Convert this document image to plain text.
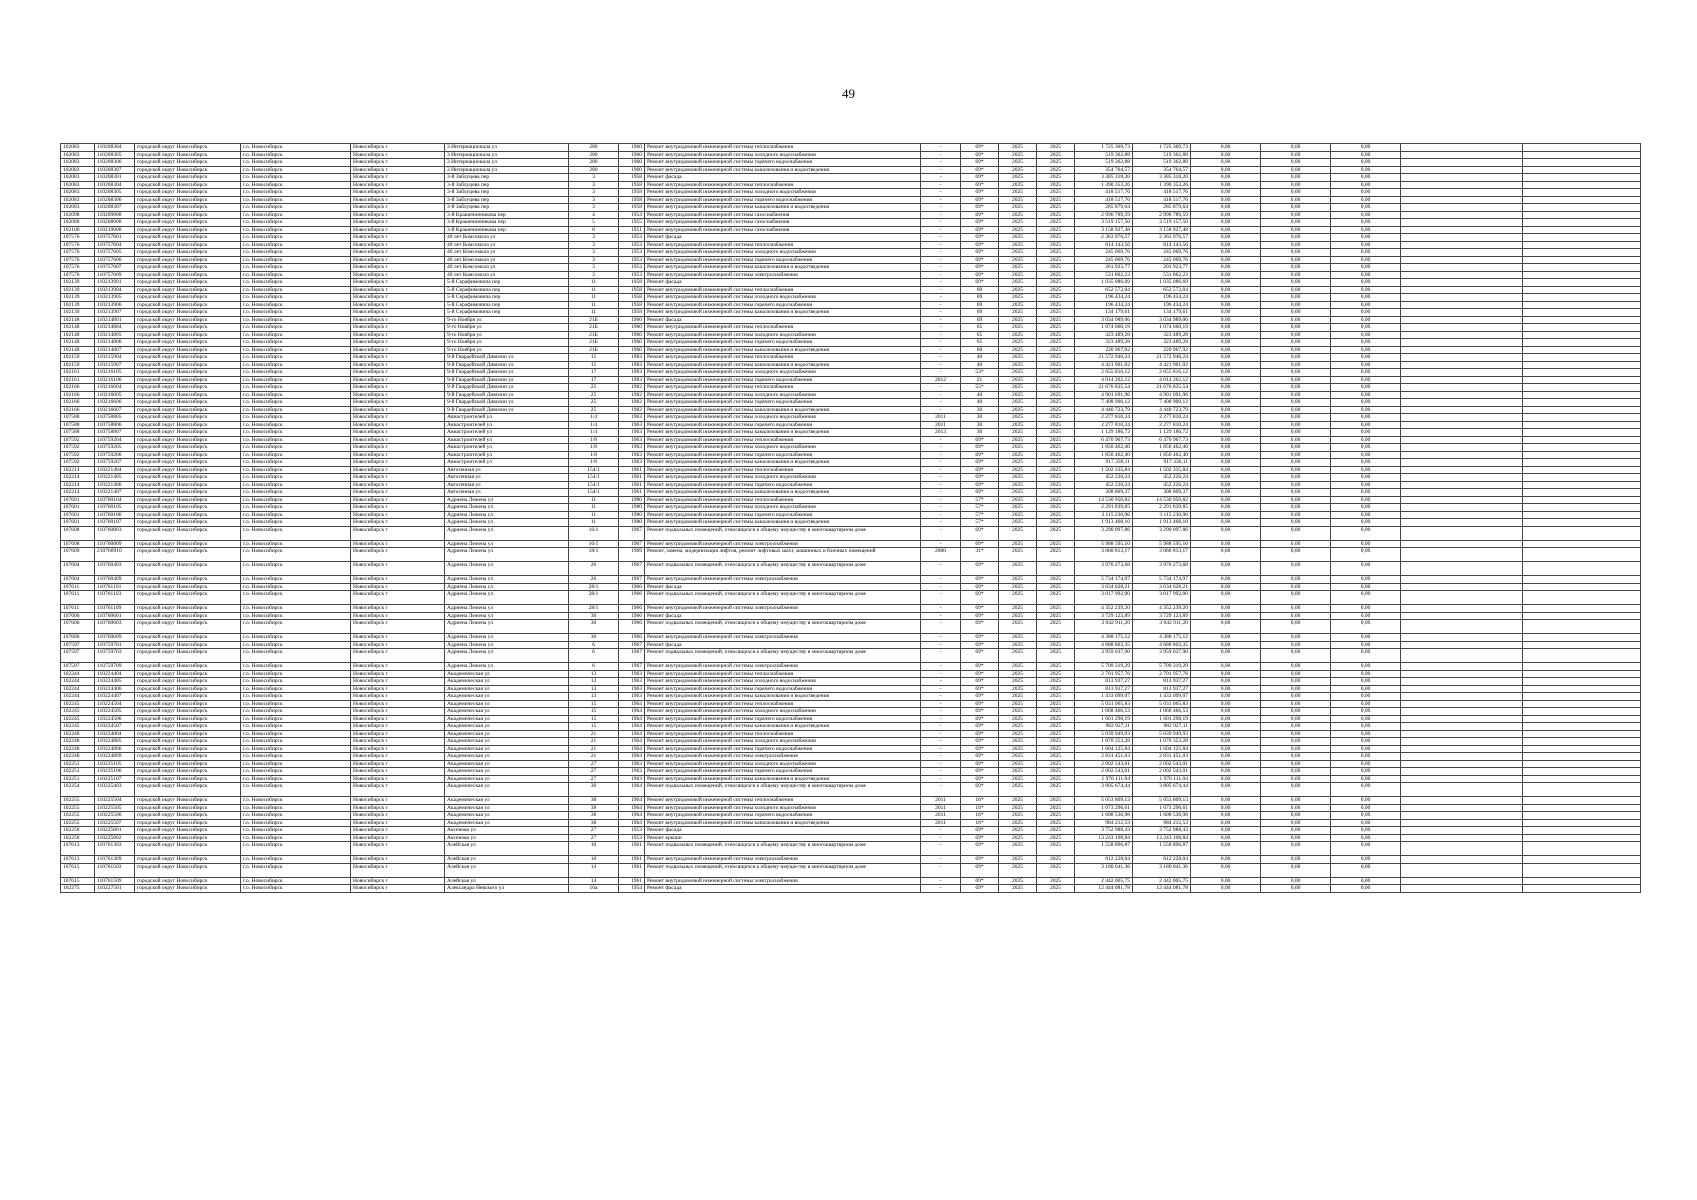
49
102083	110208304	городской округ Новосибирск	г.о. Новосибирск	Новосибирск г	3 Интернационала ул	280	1960	Ремонт внутридомовой инженерной системы теплоснабжения	-	69*	2025	2025	1 725 369,73	1 725 369,73	0,00	0,00	0,00		
102083	110208305	городской округ Новосибирск	г.о. Новосибирск	Новосибирск г	3 Интернационала ул	280	1960	Ремонт внутридомовой инженерной системы холодного водоснабжения	-	69*	2025	2025	519 362,88	519 362,88	0,00	0,00	0,00		
102083	110208306	городской округ Новосибирск	г.о. Новосибирск	Новосибирск г	3 Интернационала ул	280	1960	Ремонт внутридомовой инженерной системы горячего водоснабжения	-	69*	2025	2025	519 362,88	519 362,88	0,00	0,00	0,00		
102083	110208307	городской округ Новосибирск	г.о. Новосибирск	Новосибирск г	3 Интернационала ул	280	1960	Ремонт внутридомовой инженерной системы канализования и водоотведения	-	69*	2025	2025	354 764,57	354 764,57	0,00	0,00	0,00		
102083	110208301	городской округ Новосибирск	г.о. Новосибирск	Новосибирск г	3-й Заблуцева пер	3	1958	Ремонт фасада	-	69*	2025	2025	3 385 318,20	3 385 318,20	0,00	0,00	0,00		
102083	110208304	городской округ Новосибирск	г.о. Новосибирск	Новосибирск г	3-й Заблуцева пер	3	1958	Ремонт внутридомовой инженерной системы теплоснабжения	-	69*	2025	2025	1 390 353,26	1 390 353,26	0,00	0,00	0,00		
102083	110208305	городской округ Новосибирск	г.о. Новосибирск	Новосибирск г	3-й Заблуцева пер	3	1958	Ремонт внутридомовой инженерной системы холодного водоснабжения	-	69*	2025	2025	418 517,76	418 517,76	0,00	0,00	0,00		
102083	110208306	городской округ Новосибирск	г.о. Новосибирск	Новосибирск г	3-й Заблуцева пер	3	1958	Ремонт внутридомовой инженерной системы горячего водоснабжения	-	69*	2025	2025	418 517,76	418 517,76	0,00	0,00	0,00		
102083	110208307	городской округ Новосибирск	г.о. Новосибирск	Новосибирск г	3-й Заблуцева пер	3	1958	Ремонт внутридомовой инженерной системы канализования и водоотведения	-	69*	2025	2025	285 879,64	285 879,64	0,00	0,00	0,00		
102098	110209808	городской округ Новосибирск	г.о. Новосибирск	Новосибирск г	3-й Крашенинникова пер	4	1954	Ремонт внутридомовой инженерной системы газоснабжения	-	69*	2025	2025	2 996 789,59	2 996 789,59	0,00	0,00	0,00		
102080	110208008	городской округ Новосибирск	г.о. Новосибирск	Новосибирск г	3-й Крашенинникова пер	5	1955	Ремонт внутридомовой инженерной системы газоснабжения	-	69*	2025	2025	3 519 157,50	3 519 157,50	0,00	0,00	0,00		
102100	110210008	городской округ Новосибирск	г.о. Новосибирск	Новосибирск г	3-й Крашенинникова пер	8	1951	Ремонт внутридомовой инженерной системы газоснабжения	-	69*	2025	2025	3 158 927,48	3 158 927,48	0,00	0,00	0,00		
107576	110757601	городской округ Новосибирск	г.о. Новосибирск	Новосибирск г	40 лет Комсомола ул	3	1953	Ремонт фасада	-	69*	2025	2025	2 363 976,57	2 363 976,57	0,00	0,00	0,00		
107576	110757604	городской округ Новосибирск	г.о. Новосибирск	Новосибирск г	40 лет Комсомола ул	3	1953	Ремонт внутридомовой инженерной системы теплоснабжения	-	69*	2025	2025	814 143,56	814 143,56	0,00	0,00	0,00		
107576	110757605	городской округ Новосибирск	г.о. Новосибирск	Новосибирск г	40 лет Комсомола ул	3	1953	Ремонт внутридомовой инженерной системы холодного водоснабжения	-	69*	2025	2025	245 069,76	245 069,76	0,00	0,00	0,00		
107576	110757606	городской округ Новосибирск	г.о. Новосибирск	Новосибирск г	40 лет Комсомола ул	3	1953	Ремонт внутридомовой инженерной системы горячего водоснабжения	-	69*	2025	2025	245 069,76	245 069,76	0,00	0,00	0,00		
107576	110757607	городской округ Новосибирск	г.о. Новосибирск	Новосибирск г	40 лет Комсомола ул	3	1953	Ремонт внутридомовой инженерной системы канализования и водоотведения	-	69*	2025	2025	201 923,77	201 923,77	0,00	0,00	0,00		
107576	110757609	городской округ Новосибирск	г.о. Новосибирск	Новосибирск г	40 лет Комсомола ул	3	1953	Ремонт внутридомовой инженерной системы электроснабжения	-	69*	2025	2025	531 862,23	531 862,23	0,00	0,00	0,00		
102139	110213901	городской округ Новосибирск	г.о. Новосибирск	Новосибирск г	5-й Серафимовича пер	11	1958	Ремонт фасада	-	69*	2025	2025	1 035 086,69	1 035 086,69	0,00	0,00	0,00		
102139	110213904	городской округ Новосибирск	г.о. Новосибирск	Новосибирск г	5-й Серафимовича пер	11	1958	Ремонт внутридомовой инженерной системы теплоснабжения	-	69	2025	2025	652 572,04	652 572,04	0,00	0,00	0,00		
102139	110213905	городской округ Новосибирск	г.о. Новосибирск	Новосибирск г	5-й Серафимовича пер	11	1958	Ремонт внутридомовой инженерной системы холодного водоснабжения	-	69	2025	2025	196 434,24	196 434,24	0,00	0,00	0,00		
102139	110213906	городской округ Новосибирск	г.о. Новосибирск	Новосибирск г	5-й Серафимовича пер	11	1958	Ремонт внутридомовой инженерной системы горячего водоснабжения	-	69	2025	2025	196 434,24	196 434,24	0,00	0,00	0,00		
102139	110213907	городской округ Новосибирск	г.о. Новосибирск	Новосибирск г	5-й Серафимовича пер	11	1958	Ремонт внутридомовой инженерной системы канализования и водоотведения	-	69	2025	2025	134 179,61	134 179,61	0,00	0,00	0,00		
102148	110214801	городской округ Новосибирск	г.о. Новосибирск	Новосибирск г	9-го Ноября ул	21Б	1960	Ремонт фасада	-	69	2025	2025	3 034 989,06	3 034 989,06	0,00	0,00	0,00		
102148	110214804	городской округ Новосибирск	г.о. Новосибирск	Новосибирск г	9-го Ноября ул	21Б	1960	Ремонт внутридомовой инженерной системы теплоснабжения	-	65	2025	2025	1 074 660,19	1 074 660,19	0,00	0,00	0,00		
102148	110214805	городской округ Новосибирск	г.о. Новосибирск	Новосибирск г	9-го Ноября ул	21Б	1960	Ремонт внутридомовой инженерной системы холодного водоснабжения	-	65	2025	2025	323 489,28	323 489,28	0,00	0,00	0,00		
102148	110214806	городской округ Новосибирск	г.о. Новосибирск	Новосибирск г	9-го Ноября ул	21Б	1960	Ремонт внутридомовой инженерной системы горячего водоснабжения	-	65	2025	2025	323 489,28	323 489,28	0,00	0,00	0,00		
102148	110214807	городской округ Новосибирск	г.о. Новосибирск	Новосибирск г	9-го Ноября ул	21Б	1960	Ремонт внутридомовой инженерной системы канализования и водоотведения	-	60	2025	2025	220 967,92	220 967,92	0,00	0,00	0,00		
102159	110215904	городской округ Новосибирск	г.о. Новосибирск	Новосибирск г	9-й Гвардейской Дивизии ул	15	1983	Ремонт внутридомовой инженерной системы теплоснабжения	-	40	2025	2025	21 572 946,24	21 572 946,24	0,00	0,00	0,00		
102159	110215907	городской округ Новосибирск	г.о. Новосибирск	Новосибирск г	9-й Гвардейской Дивизии ул	15	1983	Ремонт внутридомовой инженерной системы канализования и водоотведения	-	40	2025	2025	4 421 901,02	4 421 901,02	0,00	0,00	0,00		
102161	110216105	городской округ Новосибирск	г.о. Новосибирск	Новосибирск г	9-й Гвардейской Дивизии ул	17	1983	Ремонт внутридомовой инженерной системы холодного водоснабжения	-	53*	2025	2025	2 655 816,12	2 655 816,12	0,00	0,00	0,00		
102161	110216106	городской округ Новосибирск	г.о. Новосибирск	Новосибирск г	9-й Гвардейской Дивизии ул	17	1983	Ремонт внутридомовой инженерной системы горячего водоснабжения	2012	21	2025	2025	4 014 262,12	4 014 262,12	0,00	0,00	0,00		
102166	110216604	городской округ Новосибирск	г.о. Новосибирск	Новосибирск г	9-й Гвардейской Дивизии ул	25	1982	Ремонт внутридомовой инженерной системы теплоснабжения	-	55*	2025	2025	21 676 835,54	21 676 835,54	0,00	0,00	0,00		
102166	110216605	городской округ Новосибирск	г.о. Новосибирск	Новосибирск г	9-й Гвардейской Дивизии ул	25	1982	Ремонт внутридомовой инженерной системы холодного водоснабжения	-	40	2025	2025	4 901 691,96	4 901 691,96	0,00	0,00	0,00		
102166	110216606	городской округ Новосибирск	г.о. Новосибирск	Новосибирск г	9-й Гвардейской Дивизии ул	25	1982	Ремонт внутридомовой инженерной системы горячего водоснабжения	-	40	2025	2025	7 408 900,12	7 408 900,12	0,00	0,00	0,00		
102166	110216607	городской округ Новосибирск	г.о. Новосибирск	Новосибирск г	9-й Гвардейской Дивизии ул	25	1982	Ремонт внутридомовой инженерной системы канализования и водоотведения	-	30	2025	2025	4 440 723,79	4 440 723,79	0,00	0,00	0,00		
107588	110758805	городской округ Новосибирск	г.о. Новосибирск	Новосибирск г	Авиастроителей ул	1/4	1963	Ремонт внутридомовой инженерной системы холодного водоснабжения	2011	30	2025	2025	2 277 810,24	2 277 810,24	0,00	0,00	0,00		
107588	110758806	городской округ Новосибирск	г.о. Новосибирск	Новосибирск г	Авиастроителей ул	1/4	1963	Ремонт внутридомовой инженерной системы горячего водоснабжения	2011	30	2025	2025	2 277 810,24	2 277 810,24	0,00	0,00	0,00		
107588	110758807	городской округ Новосибирск	г.о. Новосибирск	Новосибирск г	Авиастроителей ул	1/4	1963	Ремонт внутридомовой инженерной системы канализования и водоотведения	2013	30	2025	2025	1 129 186,72	1 129 186,72	0,00	0,00	0,00		
107592	110759204	городской округ Новосибирск	г.о. Новосибирск	Новосибирск г	Авиастроителей ул	1/8	1963	Ремонт внутридомовой инженерной системы теплоснабжения	-	69*	2025	2025	6 470 967,73	6 470 967,73	0,00	0,00	0,00		
107592	110759205	городской округ Новосибирск	г.о. Новосибирск	Новосибирск г	Авиастроителей ул	1/8	1963	Ремонт внутридомовой инженерной системы холодного водоснабжения	-	69*	2025	2025	1 850 462,40	1 850 462,40	0,00	0,00	0,00		
107592	110759206	городской округ Новосибирск	г.о. Новосибирск	Новосибирск г	Авиастроителей ул	1/8	1963	Ремонт внутридомовой инженерной системы горячего водоснабжения	-	69*	2025	2025	1 850 462,40	1 850 462,40	0,00	0,00	0,00		
107592	110759207	городской округ Новосибирск	г.о. Новосибирск	Новосибирск г	Авиастроителей ул	1/8	1963	Ремонт внутридомовой инженерной системы канализования и водоотведения	-	69*	2025	2025	917 336,11	917 336,11	0,00	0,00	0,00		
102214	110221404	городской округ Новосибирск	г.о. Новосибирск	Новосибирск г	Автогенная ул	154/1	1961	Ремонт внутридомовой инженерной системы теплоснабжения	-	69*	2025	2025	1 502 335,84	1 502 335,84	0,00	0,00	0,00		
102214	110221405	городской округ Новосибирск	г.о. Новосибирск	Новосибирск г	Автогенная ул	154/1	1961	Ремонт внутридомовой инженерной системы холодного водоснабжения	-	69*	2025	2025	452 226,24	452 226,24	0,00	0,00	0,00		
102214	110221406	городской округ Новосибирск	г.о. Новосибирск	Новосибирск г	Автогенная ул	154/1	1961	Ремонт внутридомовой инженерной системы горячего водоснабжения	-	69*	2025	2025	452 226,24	452 226,24	0,00	0,00	0,00		
102214	110221407	городской округ Новосибирск	г.о. Новосибирск	Новосибирск г	Автогенная ул	154/1	1961	Ремонт внутридомовой инженерной системы канализования и водоотведения	-	69*	2025	2025	308 809,37	308 809,37	0,00	0,00	0,00		
107601	110760104	городской округ Новосибирск	г.о. Новосибирск	Новосибирск г	Адриена Лежена ул	11	1980	Ремонт внутридомовой инженерной системы теплоснабжения	-	57*	2025	2025	14 530 950,82	14 530 950,82	0,00	0,00	0,00		
107601	110760105	городской округ Новосибирск	г.о. Новосибирск	Новосибирск г	Адриена Лежена ул	11	1980	Ремонт внутридомовой инженерной системы холодного водоснабжения	-	57*	2025	2025	2 291 839,85	2 291 839,85	0,00	0,00	0,00		
107601	110760106	городской округ Новосибирск	г.о. Новосибирск	Новосибирск г	Адриена Лежена ул	11	1980	Ремонт внутридомовой инженерной системы горячего водоснабжения	-	57*	2025	2025	3 115 230,96	3 115 230,96	0,00	0,00	0,00		
107601	110760107	городской округ Новосибирск	г.о. Новосибирск	Новосибирск г	Адриена Лежена ул	11	1980	Ремонт внутридомовой инженерной системы канализования и водоотведения	-	57*	2025	2025	1 913 468,10	1 913 468,10	0,00	0,00	0,00		
107608	110760803	городской округ Новосибирск	г.о. Новосибирск	Новосибирск г	Адриена Лежена ул	16/1	1967	Ремонт подвальных помещений, относящихся к общему имуществу в многоквартирном доме	-	69*	2025	2025	3 290 097,86	3 290 097,86	0,00	0,00	0,00		
107608	110760809	городской округ Новосибирск	г.о. Новосибирск	Новосибирск г	Адриена Лежена ул	16/1	1967	Ремонт внутридомовой инженерной системы электроснабжения	-	69*	2025	2025	5 988 595,10	5 988 595,10	0,00	0,00	0,00		
107609	210760910	городской округ Новосибирск	г.о. Новосибирск	Новосибирск г	Адриена Лежена ул	18/1	1969	Ремонт, замена, модернизация лифтов, ремонт лифтовых шахт, машинных и блочных помещений	2000	31*	2025	2025	3 060 813,17	3 060 813,17	0,00	0,00	0,00		
107604	110760403	городской округ Новосибирск	г.о. Новосибирск	Новосибирск г	Адриена Лежена ул	26	1967	Ремонт подвальных помещений, относящихся к общему имуществу в многоквартирном доме	-	69*	2025	2025	3 976 273,68	3 976 273,68	0,00	0,00	0,00		
107604	110760409	городской округ Новосибирск	г.о. Новосибирск	Новосибирск г	Адриена Лежена ул	26	1967	Ремонт внутридомовой инженерной системы электроснабжения	-	69*	2025	2025	5 734 174,97	5 734 174,97	0,00	0,00	0,00		
107611	110761101	городской округ Новосибирск	г.о. Новосибирск	Новосибирск г	Адриена Лежена ул	28/1	1966	Ремонт фасада	-	69*	2025	2025	3 634 628,21	3 634 628,21	0,00	0,00	0,00		
107611	110761103	городской округ Новосибирск	г.о. Новосибирск	Новосибирск г	Адриена Лежена ул	28/1	1966	Ремонт подвальных помещений, относящихся к общему имуществу в многоквартирном доме	-	69*	2025	2025	3 017 992,00	3 017 992,00	0,00	0,00	0,00		
107611	110761109	городской округ Новосибирск	г.о. Новосибирск	Новосибирск г	Адриена Лежена ул	28/1	1966	Ремонт внутридомовой инженерной системы электроснабжения	-	69*	2025	2025	4 352 239,20	4 352 239,20	0,00	0,00	0,00		
107606	110760601	городской округ Новосибирск	г.о. Новосибирск	Новосибирск г	Адриена Лежена ул	30	1966	Ремонт фасада	-	69*	2025	2025	3 729 123,89	3 729 123,89	0,00	0,00	0,00		
107606	110760603	городской округ Новосибирск	г.о. Новосибирск	Новосибирск г	Адриена Лежена ул	30	1966	Ремонт подвальных помещений, относящихся к общему имуществу в многоквартирном доме	-	69*	2025	2025	3 042 911,20	3 042 911,20	0,00	0,00	0,00		
107606	110760609	городской округ Новосибирск	г.о. Новосибирск	Новосибирск г	Адриена Лежена ул	30	1966	Ремонт внутридомовой инженерной системы электроснабжения	-	69*	2025	2025	4 388 175,12	4 388 175,12	0,00	0,00	0,00		
107597	110759701	городской округ Новосибирск	г.о. Новосибирск	Новосибирск г	Адриена Лежена ул	6	1967	Ремонт фасада	-	69*	2025	2025	4 688 803,35	4 688 803,35	0,00	0,00	0,00		
107597	110759703	городской округ Новосибирск	г.о. Новосибирск	Новосибирск г	Адриена Лежена ул	6	1967	Ремонт подвальных помещений, относящихся к общему имуществу в многоквартирном доме	-	69*	2025	2025	3 959 037,90	3 959 037,90	0,00	0,00	0,00		
107597	110759709	городской округ Новосибирск	г.о. Новосибирск	Новосибирск г	Адриена Лежена ул	6	1967	Ремонт внутридомовой инженерной системы электроснабжения	-	69*	2025	2025	5 709 319,29	5 709 319,29	0,00	0,00	0,00		
102244	110224404	городской округ Новосибирск	г.о. Новосибирск	Новосибирск г	Академическая ул	13	1963	Ремонт внутридомовой инженерной системы теплоснабжения	-	69*	2025	2025	2 701 957,76	2 701 957,76	0,00	0,00	0,00		
102244	110224405	городской округ Новосибирск	г.о. Новосибирск	Новосибирск г	Академическая ул	13	1963	Ремонт внутридомовой инженерной системы холодного водоснабжения	-	69*	2025	2025	813 937,27	813 937,27	0,00	0,00	0,00		
102244	110224406	городской округ Новосибирск	г.о. Новосибирск	Новосибирск г	Академическая ул	13	1963	Ремонт внутридомовой инженерной системы горячего водоснабжения	-	69*	2025	2025	813 937,27	813 937,27	0,00	0,00	0,00		
102244	110224407	городской округ Новосибирск	г.о. Новосибирск	Новосибирск г	Академическая ул	13	1963	Ремонт внутридомовой инженерной системы канализования и водоотведения	-	69*	2025	2025	1 433 099,07	1 433 099,07	0,00	0,00	0,00		
102245	110224504	городской округ Новосибирск	г.о. Новосибирск	Новосибирск г	Академическая ул	15	1964	Ремонт внутридомовой инженерной системы теплоснабжения	-	69*	2025	2025	5 031 065,83	5 031 065,83	0,00	0,00	0,00		
102245	110224505	городской округ Новосибирск	г.о. Новосибирск	Новосибирск г	Академическая ул	15	1964	Ремонт внутридомовой инженерной системы холодного водоснабжения	-	69*	2025	2025	1 068 466,53	1 068 466,53	0,00	0,00	0,00		
102245	110224506	городской округ Новосибирск	г.о. Новосибирск	Новосибирск г	Академическая ул	15	1964	Ремонт внутридомовой инженерной системы горячего водоснабжения	-	69*	2025	2025	1 601 298,19	1 601 298,19	0,00	0,00	0,00		
102245	110224507	городской округ Новосибирск	г.о. Новосибирск	Новосибирск г	Академическая ул	15	1964	Ремонт внутридомовой инженерной системы канализования и водоотведения	-	69*	2025	2025	982 927,11	982 927,11	0,00	0,00	0,00		
102248	110224804	городской округ Новосибирск	г.о. Новосибирск	Новосибирск г	Академическая ул	21	1964	Ремонт внутридомовой инженерной системы теплоснабжения	-	69*	2025	2025	5 039 949,93	5 039 949,93	0,00	0,00	0,00		
102248	110224805	городской округ Новосибирск	г.о. Новосибирск	Новосибирск г	Академическая ул	21	1964	Ремонт внутридомовой инженерной системы холодного водоснабжения	-	69*	2025	2025	1 070 353,28	1 070 353,28	0,00	0,00	0,00		
102248	110224806	городской округ Новосибирск	г.о. Новосибирск	Новосибирск г	Академическая ул	21	1964	Ремонт внутридомовой инженерной системы горячего водоснабжения	-	69*	2025	2025	1 604 125,84	1 604 125,84	0,00	0,00	0,00		
102248	110224809	городской округ Новосибирск	г.о. Новосибирск	Новосибирск г	Академическая ул	21	1964	Ремонт внутридомовой инженерной системы электроснабжения	-	69*	2025	2025	2 831 451,03	2 831 451,03	0,00	0,00	0,00		
102251	110225105	городской округ Новосибирск	г.о. Новосибирск	Новосибирск г	Академическая ул	27	1963	Ремонт внутридомовой инженерной системы холодного водоснабжения	-	69*	2025	2025	2 002 543,01	2 002 543,01	0,00	0,00	0,00		
102251	110225106	городской округ Новосибирск	г.о. Новосибирск	Новосибирск г	Академическая ул	27	1963	Ремонт внутридомовой инженерной системы горячего водоснабжения	-	69*	2025	2025	2 002 543,01	2 002 543,01	0,00	0,00	0,00		
102251	110225107	городской округ Новосибирск	г.о. Новосибирск	Новосибирск г	Академическая ул	27	1963	Ремонт внутридомовой инженерной системы канализования и водоотведения	-	69*	2025	2025	1 976 111,04	1 976 111,04	0,00	0,00	0,00		
102254	110225403	городской округ Новосибирск	г.о. Новосибирск	Новосибирск г	Академическая ул	36	1964	Ремонт подвальных помещений, относящихся к общему имуществу в многоквартирном доме	-	69*	2025	2025	3 805 674,44	3 805 674,44	0,00	0,00	0,00		
102255	110225504	городской округ Новосибирск	г.о. Новосибирск	Новосибирск г	Академическая ул	38	1964	Ремонт внутридомовой инженерной системы теплоснабжения	2011	16*	2025	2025	5 053 809,13	5 053 809,13	0,00	0,00	0,00		
102255	110225505	городской округ Новосибирск	г.о. Новосибирск	Новосибирск г	Академическая ул	38	1964	Ремонт внутридомовой инженерной системы холодного водоснабжения	2011	16*	2025	2025	1 073 296,61	1 073 296,61	0,00	0,00	0,00		
102255	110225506	городской округ Новосибирск	г.о. Новосибирск	Новосибирск г	Академическая ул	38	1964	Ремонт внутридомовой инженерной системы горячего водоснабжения	2011	16*	2025	2025	1 608 536,98	1 608 536,98	0,00	0,00	0,00		
102255	110225507	городской округ Новосибирск	г.о. Новосибирск	Новосибирск г	Академическая ул	38	1964	Ремонт внутридомовой инженерной системы канализования и водоотведения	2011	16*	2025	2025	984 212,53	984 212,53	0,00	0,00	0,00		
102258	110225801	городской округ Новосибирск	г.о. Новосибирск	Новосибирск г	Аксенова ул	27	1953	Ремонт фасада	-	69*	2025	2025	3 752 988,43	3 752 988,43	0,00	0,00	0,00		
102258	110225802	городской округ Новосибирск	г.о. Новосибирск	Новосибирск г	Аксенова ул	27	1953	Ремонт крыши	-	69*	2025	2025	13 243 108,84	13 243 108,84	0,00	0,00	0,00		
107613	110761303	городской округ Новосибирск	г.о. Новосибирск	Новосибирск г	Алейская ул	10	1961	Ремонт подвальных помещений, относящихся к общему имуществу в многоквартирном доме	-	69*	2025	2025	1 558 896,87	1 558 896,87	0,00	0,00	0,00		
107613	110761309	городской округ Новосибирск	г.о. Новосибирск	Новосибирск г	Алейская ул	10	1961	Ремонт внутридомовой инженерной системы электроснабжения	-	69*	2025	2025	812 228,04	812 228,04	0,00	0,00	0,00		
107615	110761503	городской округ Новосибирск	г.о. Новосибирск	Новосибирск г	Алейская ул	14	1961	Ремонт подвальных помещений, относящихся к общему имуществу в многоквартирном доме	-	69*	2025	2025	3 180 041,36	3 180 041,36	0,00	0,00	0,00		
107615	110761509	городской округ Новосибирск	г.о. Новосибирск	Новосибирск г	Алейская ул	14	1961	Ремонт внутридомовой инженерной системы электроснабжения	-	69*	2025	2025	2 442 005,75	2 442 005,75	0,00	0,00	0,00		
102275	110227501	городской округ Новосибирск	г.о. Новосибирск	Новосибирск г	Александра Невского ул	16а	1954	Ремонт фасада	-	69*	2025	2025	12 444 081,78	12 444 081,78	0,00	0,00	0,00		
